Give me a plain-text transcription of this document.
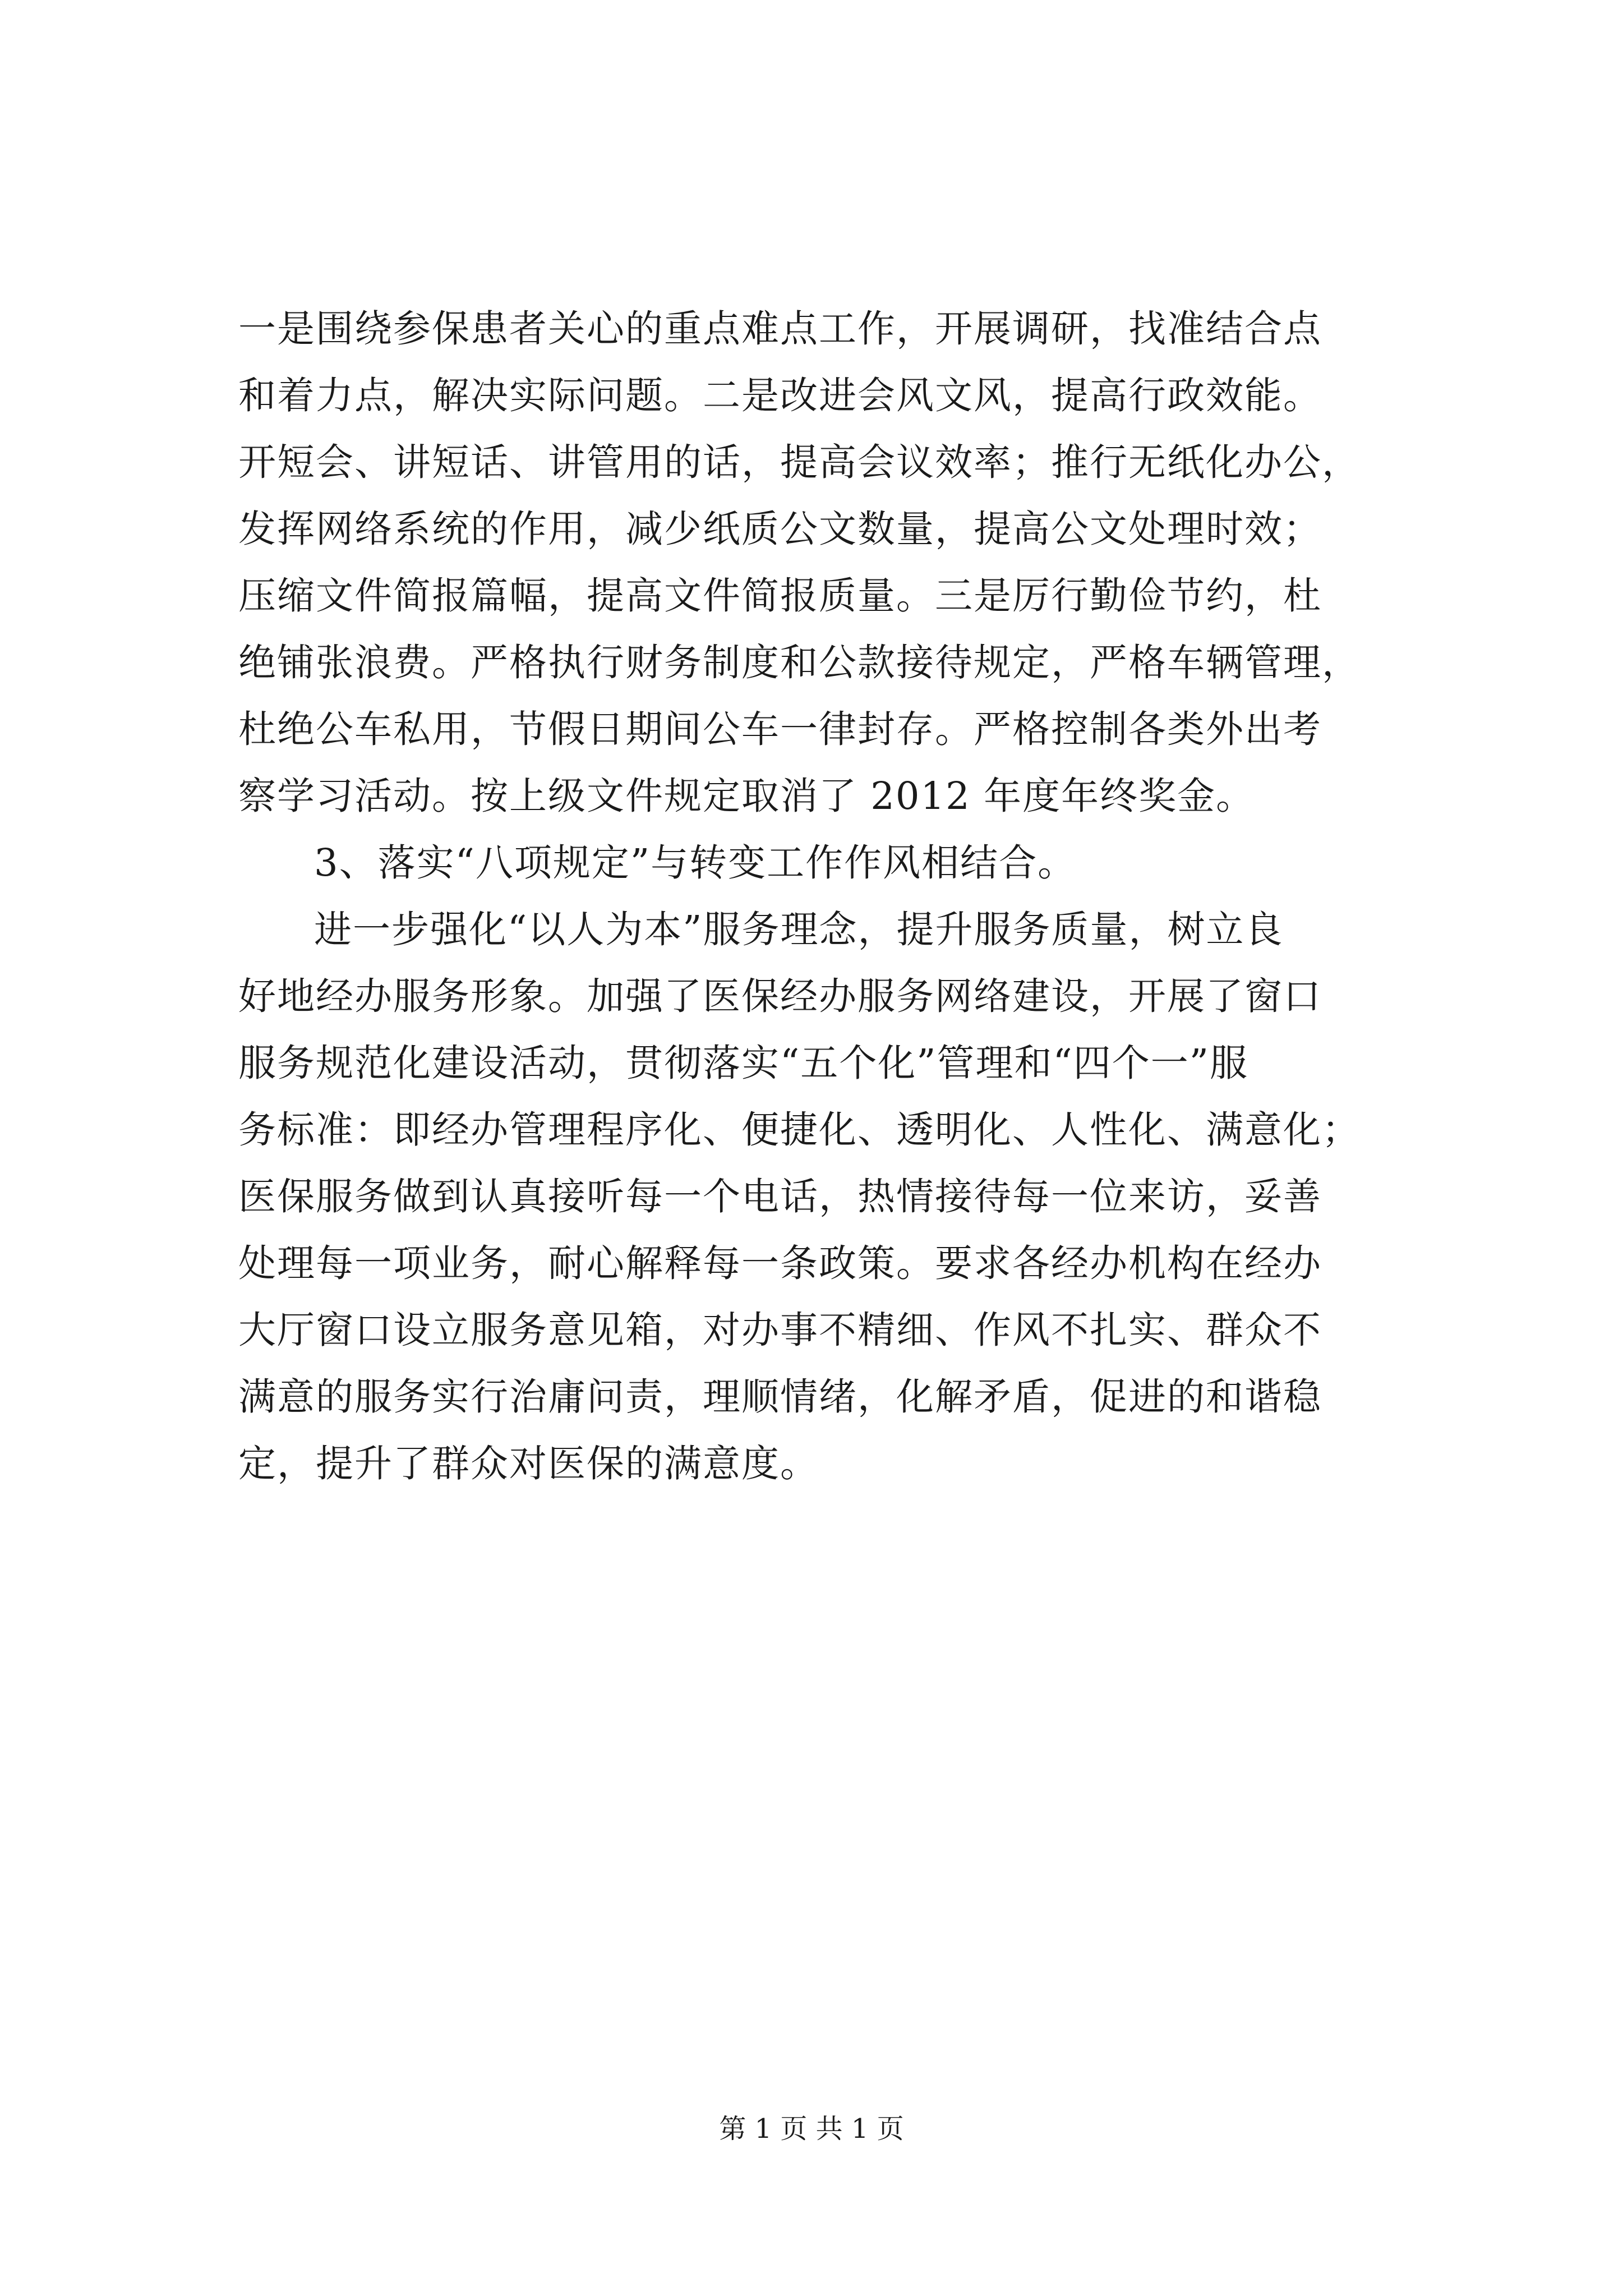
一是围绕参保患者关心的重点难点工作，开展调研，找准结合点
和着力点，解决实际问题。二是改进会风文风，提高行政效能。
开短会、讲短话、讲管用的话，提高会议效率；推行无纸化办公，
发挥网络系统的作用，减少纸质公文数量，提高公文处理时效；
压缩文件简报篇幅，提高文件简报质量。三是厉行勤俭节约，杜
绝铺张浪费。严格执行财务制度和公款接待规定，严格车辆管理，
杜绝公车私用，节假日期间公车一律封存。严格控制各类外出考
察学习活动。按上级文件规定取消了 2012 年度年终奖金。
3、落实“八项规定”与转变工作作风相结合。
进一步强化“以人为本”服务理念，提升服务质量，树立良
好地经办服务形象。加强了医保经办服务网络建设，开展了窗口
服务规范化建设活动，贯彻落实“五个化”管理和“四个一”服
务标准：即经办管理程序化、便捷化、透明化、人性化、满意化；
医保服务做到认真接听每一个电话，热情接待每一位来访，妥善
处理每一项业务，耐心解释每一条政策。要求各经办机构在经办
大厅窗口设立服务意见箱，对办事不精细、作风不扎实、群众不
满意的服务实行治庸问责，理顺情绪，化解矛盾，促进的和谐稳
定，提升了群众对医保的满意度。
第 1 页 共 1 页
